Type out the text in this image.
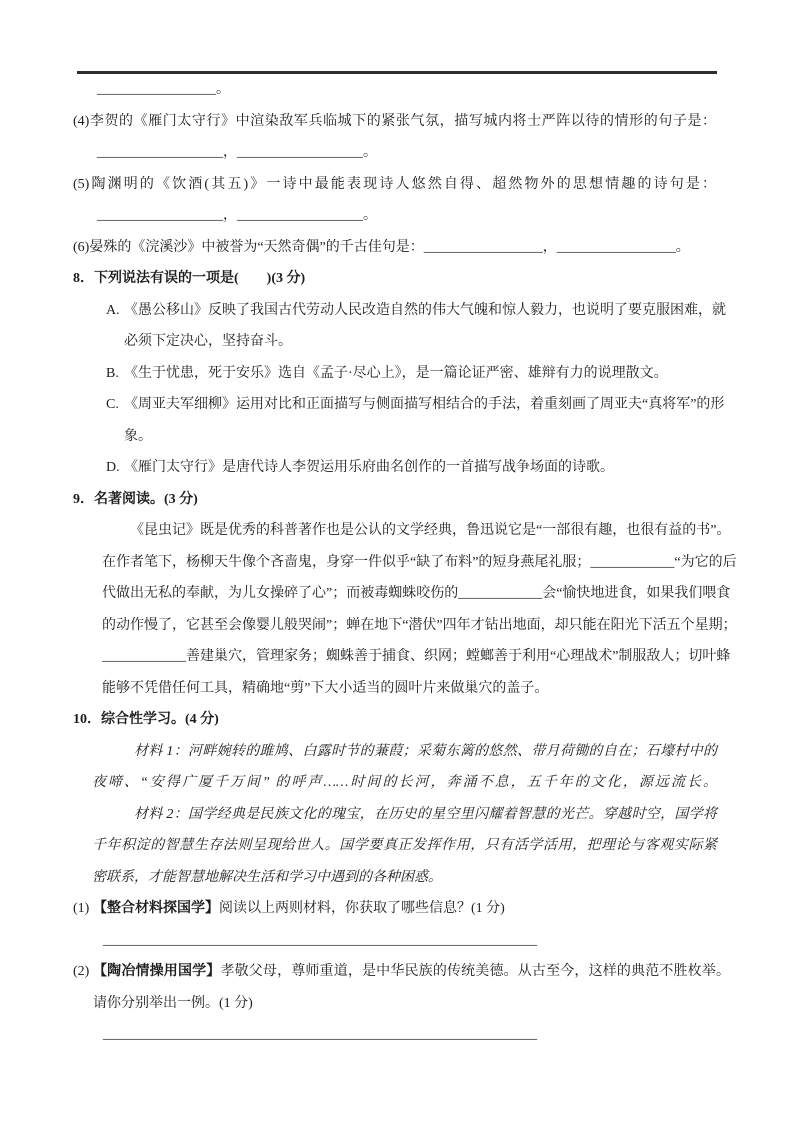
_________________。
(4)李贺的《雁门太守行》中渲染敌军兵临城下的紧张气氛，描写城内将士严阵以待的情形的句子是：
__________________，__________________。
(5)陶渊明的《饮酒(其五)》一诗中最能表现诗人悠然自得、超然物外的思想情趣的诗句是：
__________________，__________________。
(6)晏殊的《浣溪沙》中被誉为“天然奇偶”的千古佳句是：_________________，_________________。
8．下列说法有误的一项是(　　)(3 分)
A. 《愚公移山》反映了我国古代劳动人民改造自然的伟大气魄和惊人毅力，也说明了要克服困难，就
必须下定决心，坚持奋斗。
B. 《生于忧患，死于安乐》选自《孟子·尽心上》，是一篇论证严密、雄辩有力的说理散文。
C. 《周亚夫军细柳》运用对比和正面描写与侧面描写相结合的手法，着重刻画了周亚夫“真将军”的形
象。
D. 《雁门太守行》是唐代诗人李贺运用乐府曲名创作的一首描写战争场面的诗歌。
9．名著阅读。(3 分)
《昆虫记》既是优秀的科普著作也是公认的文学经典，鲁迅说它是“一部很有趣，也很有益的书”。
在作者笔下，杨柳天牛像个吝啬鬼，身穿一件似乎“缺了布料”的短身燕尾礼服；____________“为它的后
代做出无私的奉献，为儿女操碎了心”；而被毒蜘蛛咬伤的____________会“愉快地进食，如果我们喂食
的动作慢了，它甚至会像婴儿般哭闹”；蝉在地下“潜伏”四年才钻出地面，却只能在阳光下活五个星期；
____________善建巢穴，管理家务；蜘蛛善于捕食、织网；螳螂善于利用“心理战术”制服敌人；切叶蜂
能够不凭借任何工具，精确地“剪”下大小适当的圆叶片来做巢穴的盖子。
10．综合性学习。(4 分)
材料 1：河畔婉转的雎鸠、白露时节的蒹葭；采菊东篱的悠然、带月荷锄的自在；石壕村中的
夜啼、“安得广厦千万间” 的呼声……时间的长河，奔涌不息，五千年的文化，源远流长。
材料 2：国学经典是民族文化的瑰宝，在历史的星空里闪耀着智慧的光芒。穿越时空，国学将
千年积淀的智慧生存法则呈现给世人。国学要真正发挥作用，只有活学活用，把理论与客观实际紧
密联系，才能智慧地解决生活和学习中遇到的各种困惑。
(1) 【整合材料探国学】阅读以上两则材料，你获取了哪些信息？(1 分)
______________________________________________________________
(2) 【陶冶情操用国学】孝敬父母，尊师重道，是中华民族的传统美德。从古至今，这样的典范不胜枚举。
请你分别举出一例。(1 分)
______________________________________________________________
